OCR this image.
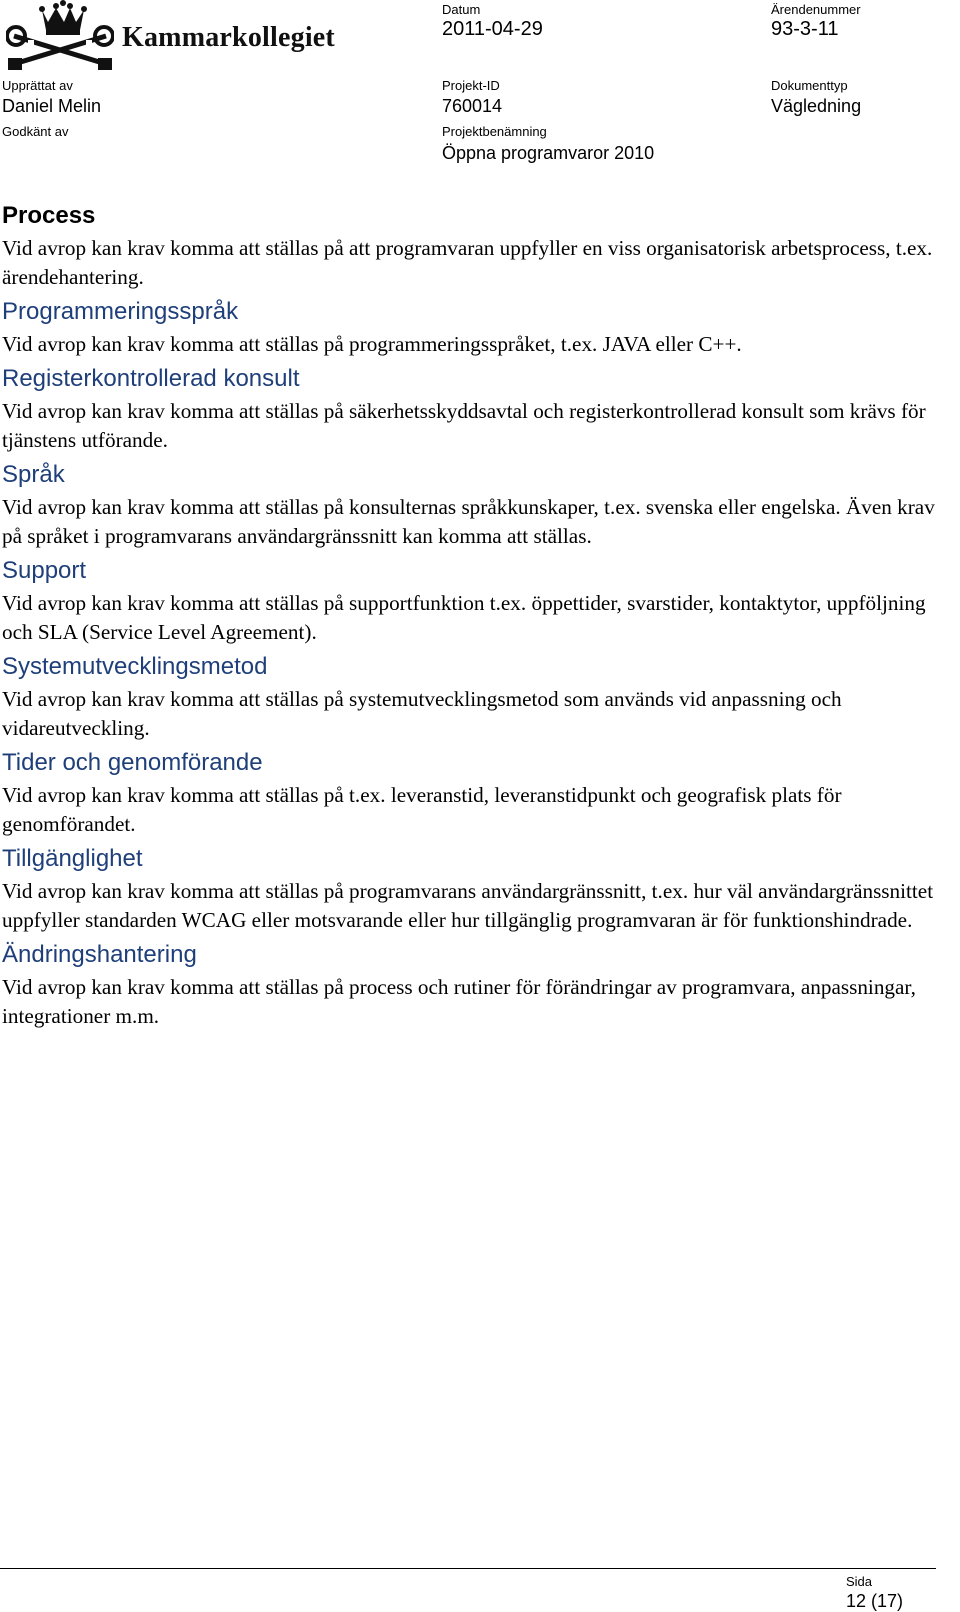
Kammarkollegiet
Datum
2011-04-29
Ärendenummer
93-3-11
Upprättat av
Daniel Melin
Projekt-ID
760014
Dokumenttyp
Vägledning
Godkänt av	Projektbenämning
Öppna programvaror 2010
Process
Vid avrop kan krav komma att ställas på att programvaran uppfyller en viss organisatorisk arbetsprocess, t.ex. ärendehantering.
Programmeringsspråk
Vid avrop kan krav komma att ställas på programmeringsspråket, t.ex. JAVA eller C++.
Registerkontrollerad konsult
Vid avrop kan krav komma att ställas på säkerhetsskyddsavtal och registerkontrollerad konsult som krävs för tjänstens utförande.
Språk
Vid avrop kan krav komma att ställas på konsulternas språkkunskaper, t.ex. svenska eller engelska. Även krav på språket i programvarans användargränssnitt kan komma att ställas.
Support
Vid avrop kan krav komma att ställas på supportfunktion t.ex. öppettider, svarstider, kontaktytor, uppföljning och SLA (Service Level Agreement).
Systemutvecklingsmetod
Vid avrop kan krav komma att ställas på systemutvecklingsmetod som används vid anpassning och vidareutveckling.
Tider och genomförande
Vid avrop kan krav komma att ställas på t.ex. leveranstid, leveranstidpunkt och geografisk plats för genomförandet.
Tillgänglighet
Vid avrop kan krav komma att ställas på programvarans användargränssnitt, t.ex. hur väl användargränssnittet uppfyller standarden WCAG eller motsvarande eller hur tillgänglig programvaran är för funktionshindrade.
Ändringshantering
Vid avrop kan krav komma att ställas på process och rutiner för förändringar av programvara, anpassningar, integrationer m.m.
Sida
12 (17)
